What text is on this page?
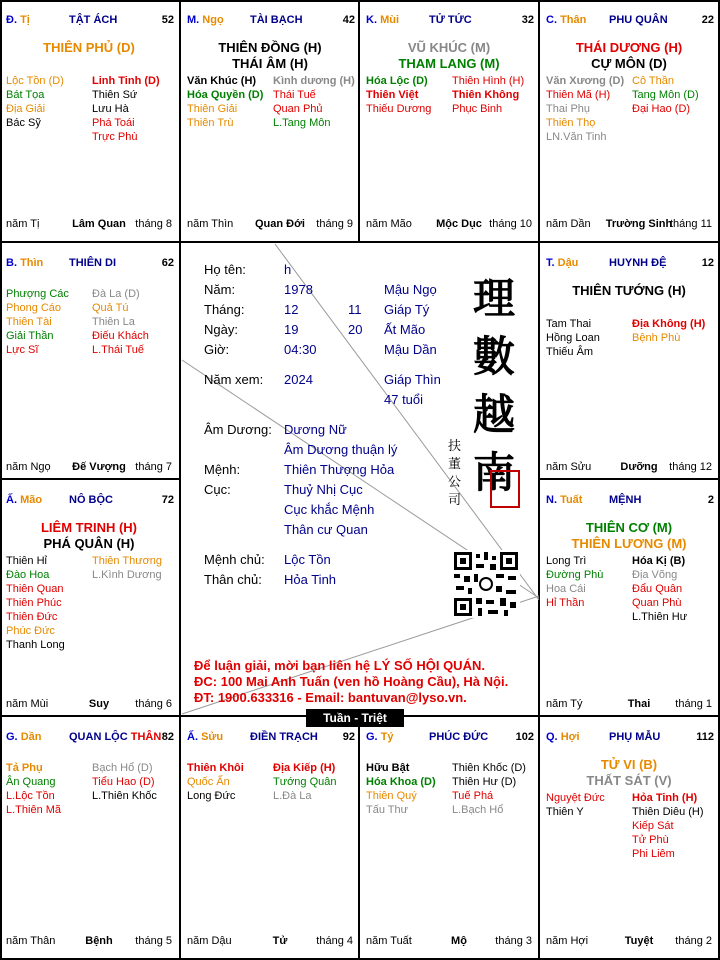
Đ. Tị	TẬT ÁCH	52
THIÊN PHỦ (D)
Lộc Tồn (D)
Bát Tọa
Địa Giải
Bác Sỹ
Linh Tinh (D)
Thiên Sứ
Lưu Hà
Phá Toái
Trực Phù
năm Tị	Lâm Quan tháng 8
M. Ngọ TÀI BẠCH	42
THIÊN ĐỒNG (H)
THÁI ÂM (H)
Văn Khúc (H)
Hóa Quyền (D)
Thiên Giải
Thiên Trù
Kình dương (H)
Thái Tuế
Quan Phủ
L.Tang Môn
năm Thìn	Quan Đới	tháng 9
K. Mùi	TỬ TỨC	32
VŨ KHÚC (M)
THAM LANG (M)
Hóa Lộc (D)
Thiên Việt
Thiếu Dương
Thiên Hình (H)
Thiên Không
Phục Binh
năm Mão	Mộc Dục tháng 10
C. Thân PHU QUÂN	22
THÁI DƯƠNG (H)
CỰ MÔN (D)
Văn Xương (D)
Thiên Mã (H)
Thai Phụ
Thiên Thọ
LN.Văn Tinh
Cô Thần
Tang Môn (D)
Đại Hao (D)
năm Dần Trường Sinh
tháng 11
T. Dậu	HUYNH ĐỆ	12
THIÊN TƯỚNG (H)
Tam Thai
Hồng Loan
Thiếu Âm
Địa Không (H)
Bệnh Phù
năm Sửu	Dưỡng	tháng 12
N. Tuất MỆNH	2
THIÊN CƠ (M)
THIÊN LƯƠNG (M)
Long Trì
Đường Phù
Hoa Cái
Hỉ Thần
Hóa Kị (B)
Địa Võng
Đẩu Quân
Quan Phù
L.Thiên Hư
năm Tý	Thai	tháng 1
Q. Hợi	PHỤ MẪU	112
TỬ VI (B)
THẤT SÁT (V)
Nguyệt Đức
Thiên Y
Hỏa Tinh (H)
Thiên Diêu (H)
Kiếp Sát
Tử Phù
Phi Liêm
năm Hợi	Tuyệt	tháng 2
G. Tý	PHÚC ĐỨC 102
Hữu Bật
Hóa Khoa (D)
Thiên Quý
Tấu Thư
Thiên Khốc (D)
Thiên Hư (D)
Tuế Phá
L.Bạch Hổ
năm Tuất	Mộ	tháng 3
Ấ. Sửu ĐIỀN TRẠCH 92
Thiên Khôi
Quốc Ấn
Long Đức
Địa Kiếp (H)
Tướng Quân
L.Đà La
năm Dậu	Tử	tháng 4
G. Dần	QUAN LỘC THÂN 82
Tả Phụ
Ân Quang
L.Lộc Tồn
L.Thiên Mã
Bạch Hổ (D)
Tiểu Hao (D)
L.Thiên Khốc
năm Thân	Bệnh	tháng 5
Ấ. Mão NÔ BỘC	72
LIÊM TRINH (H)
PHÁ QUÂN (H)
Thiên Hỉ
Đào Hoa
Thiên Quan
Thiên Phúc
Thiên Đức
Phúc Đức
Thanh Long
Thiên Thương
L.Kình Dương
năm Mùi	Suy	tháng 6
B. Thìn THIÊN DI	62
Phượng Các
Phong Cáo
Thiên Tài
Giải Thần
Lực Sĩ
Đà La (D)
Quả Tú
Thiên La
Điếu Khách
L.Thái Tuế
năm Ngọ	Đế Vượng tháng 7
Họ tên:	h
Năm:	1978	Mậu Ngọ
Tháng:	12	11 Giáp Tý
Ngày:	19	20 Ất Mão
Giờ:	04:30	Mậu Dần
Năm xem: 2024	Giáp Thìn
47 tuổi
Âm Dương: Dương Nữ
Âm Dương thuận lý
Mệnh:	Thiên Thượng Hỏa
Cục:	Thuỷ Nhị Cục
Cục khắc Mệnh
Thân cư Quan
Mệnh chủ: Lộc Tồn
Thân chủ: Hỏa Tinh
理數越南
扶董公司
Để luận giải, mời bạn liên hệ LÝ SỐ HỘI QUÁN.
ĐC: 100 Mai Anh Tuấn (ven hồ Hoàng Cầu), Hà Nội.
ĐT: 1900.633316 - Email: bantuvan@lyso.vn.
Tuần - Triệt
